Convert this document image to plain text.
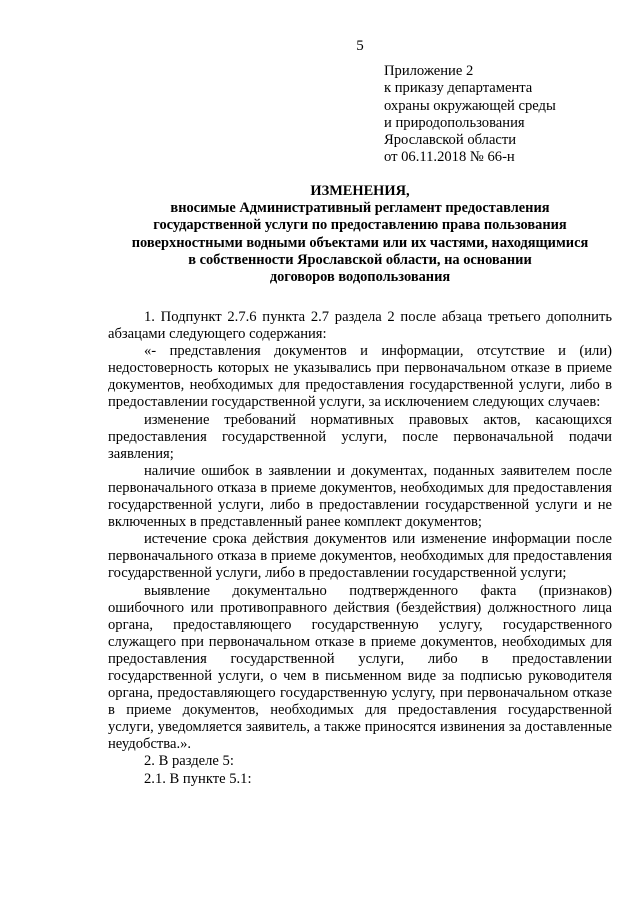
5
Приложение 2
к приказу департамента
охраны окружающей среды
и природопользования
Ярославской области
от 06.11.2018 № 66-н
ИЗМЕНЕНИЯ,
вносимые Административный регламент предоставления
государственной услуги по предоставлению права пользования
поверхностными водными объектами или их частями, находящимися
в собственности Ярославской области, на основании
договоров водопользования

1. Подпункт 2.7.6 пункта 2.7 раздела 2 после абзаца третьего дополнить абзацами следующего содержания:

«- представления документов и информации, отсутствие и (или) недостоверность которых не указывались при первоначальном отказе в приеме документов, необходимых для предоставления государственной услуги, либо в предоставлении государственной услуги, за исключением следующих случаев:

изменение требований нормативных правовых актов, касающихся предоставления государственной услуги, после первоначальной подачи заявления;

наличие ошибок в заявлении и документах, поданных заявителем после первоначального отказа в приеме документов, необходимых для предоставления государственной услуги, либо в предоставлении государственной услуги и не включенных в представленный ранее комплект документов;

истечение срока действия документов или изменение информации после первоначального отказа в приеме документов, необходимых для предоставления государственной услуги, либо в предоставлении государственной услуги;

выявление документально подтвержденного факта (признаков) ошибочного или противоправного действия (бездействия) должностного лица органа, предоставляющего государственную услугу, государственного служащего при первоначальном отказе в приеме документов, необходимых для предоставления государственной услуги, либо в предоставлении государственной услуги, о чем в письменном виде за подписью руководителя органа, предоставляющего государственную услугу, при первоначальном отказе в приеме документов, необходимых для предоставления государственной услуги, уведомляется заявитель, а также приносятся извинения за доставленные неудобства.».

2. В разделе 5:

2.1. В пункте 5.1:
